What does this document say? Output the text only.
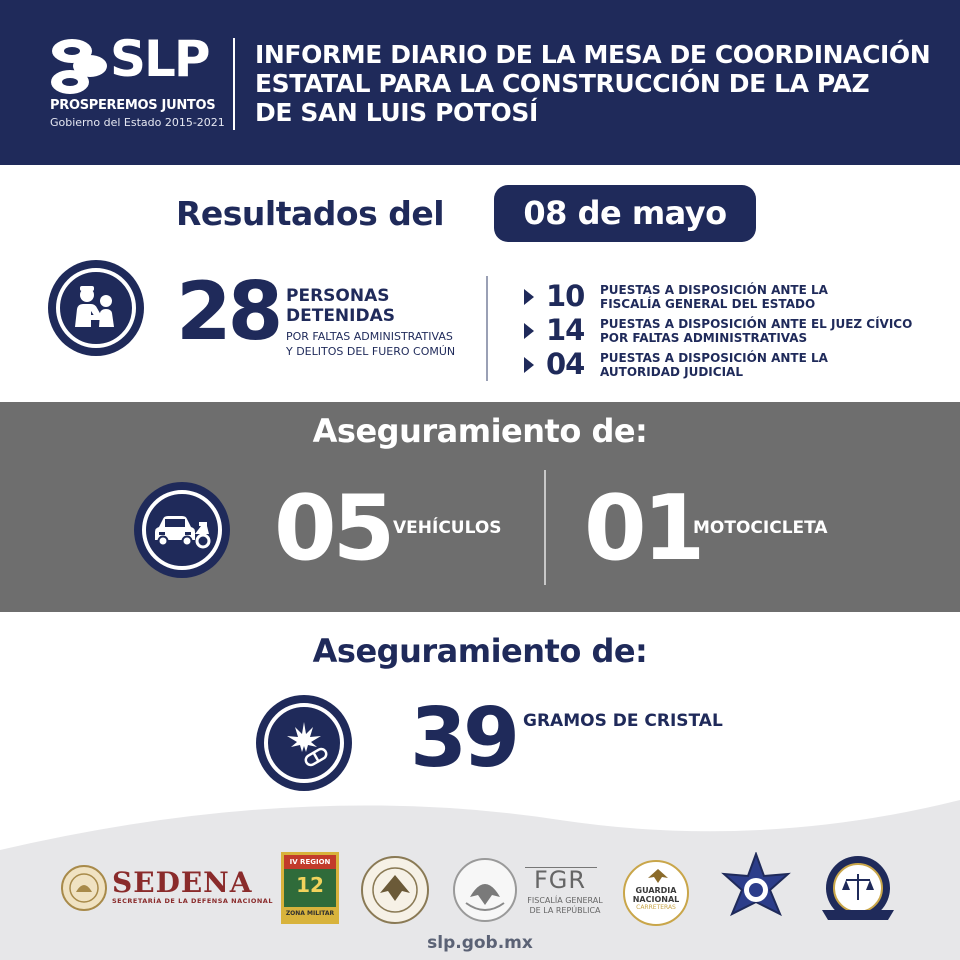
SLP
PROSPEREMOS JUNTOS
Gobierno del Estado 2015-2021
INFORME DIARIO DE LA MESA DE COORDINACIÓN
ESTATAL PARA LA CONSTRUCCIÓN DE LA PAZ
DE SAN LUIS POTOSÍ
Resultados del	08 de mayo
28 PERSONAS
DETENIDAS
POR FALTAS ADMINISTRATIVAS
Y DELITOS DEL FUERO COMÚN
10 PUESTAS A DISPOSICIÓN ANTE LA
FISCALÍA GENERAL DEL ESTADO
14 PUESTAS A DISPOSICIÓN ANTE EL JUEZ CÍVICO
POR FALTAS ADMINISTRATIVAS
04 PUESTAS A DISPOSICIÓN ANTE LA
AUTORIDAD JUDICIAL
05 VEHÍCULOS 01
MOTOCICLETA
Aseguramiento de:
Aseguramiento de:
39 GRAMOS DE CRISTAL
SEDENA
SECRETARÍA DE LA DEFENSA NACIONAL
IV REGION
12
ZONA MILITAR
FGR
FISCALÍA GENERAL DE LA REPÚBLICA
GUARDIA
NACIONAL
CARRETERAS
slp.gob.mx
